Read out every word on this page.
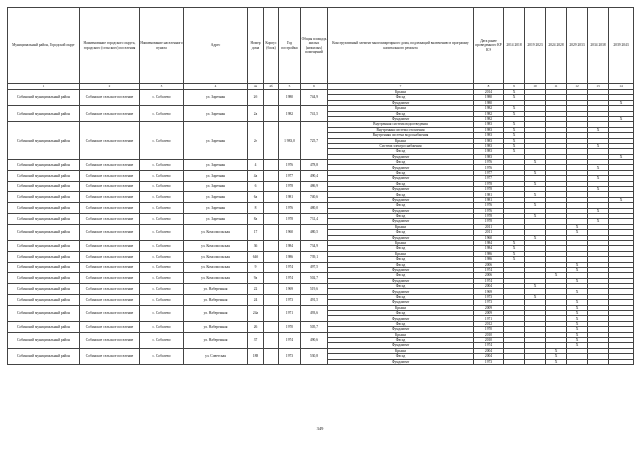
Муниципальный район, Городской округ	Наименование городского округа, городского (сельского) поселения	Наименование населенного пункта	Адрес	Номер дома	Корпус (блок)	Год постройки	Общая площадь жилых (нежилых) помещений	Конструктивный элемент многоквартирного дома, подлежащий включению в программу капитального ремонта	Дата ранее проведенного КР КЭ	2014 2018	2019 2023	2024 2028	2029 2033	2034 2038	2039 2043
1	2	3	4	4а	4б	5	6	7	8	9	10	11	12	13	14
Собинский муниципальный район	Собинское сельское поселение	с. Соболево	ул. Заречная	2б		1980	744,9	Крыша	2014	X					
								Фасад	1980	X					
								Фундамент	1980						X
Собинский муниципальный район	Собинское сельское поселение	с. Соболево	ул. Заречная	2а		1982	741,5	Крыша	1982	X					
								Фасад	1982	X					
								Фундамент	1982						X
Собинский муниципальный район	Собинское сельское поселение	с. Соболево	ул. Заречная	2г		1 983,0	725,7	Внутренняя система водоотведения	1983	X					
								Внутренняя система отопления	1983	X				X	
								Внутренняя система водоснабжения	1983	X					
								Крыша	1983	X					
								Система электроснабжения	1983	X				X	
								Фасад	1983	X					
								Фундамент	1983						X
Собинский муниципальный район	Собинское сельское поселение	с. Соболево	ул. Заречная	4		1976	478,8	Фасад	1976		X				
								Фундамент	1976					X	
Собинский муниципальный район	Собинское сельское поселение	с. Соболево	ул. Заречная	4а		1977	490,4	Фасад	1977		X				
								Фундамент	1977					X	
Собинский муниципальный район	Собинское сельское поселение	с. Соболево	ул. Заречная	6		1978	486,9	Фасад	1978		X				
								Фундамент	1978					X	
Собинский муниципальный район	Собинское сельское поселение	с. Соболево	ул. Заречная	6а		1981	740,6	Фасад	1981		X				
								Фундамент	1981						X
Собинский муниципальный район	Собинское сельское поселение	с. Соболево	ул. Заречная	8		1976	480,0	Фасад	1976		X				
								Фундамент	1976					X	
Собинский муниципальный район	Собинское сельское поселение	с. Соболево	ул. Заречная	8а		1978	731,4	Фасад	1978		X				
								Фундамент	1978					X	
Собинский муниципальный район	Собинское сельское поселение	с. Соболево	ул. Комсомольская	17		1960	480,5	Крыша	2011				X		
								Фасад	2011				X		
								Фундамент	1960		X				
Собинский муниципальный район	Собинское сельское поселение	с. Соболево	ул. Комсомольская	36		1984	734,9	Крыша	1984	X					
								Фасад	1984	X					
Собинский муниципальный район	Собинское сельское поселение	с. Соболево	ул. Комсомольская	64б		1986	739,1	Крыша	1986	X					
								Фасад	1986	X					
Собинский муниципальный район	Собинское сельское поселение	с. Соболево	ул. Комсомольская	9		1974	497,5	Фасад	2006				X		
								Фундамент	1974				X		
Собинский муниципальный район	Собинское сельское поселение	с. Соболево	ул. Комсомольская	9а		1974	502,7	Фасад	2006			X			
								Фундамент	1974				X		
Собинский муниципальный район	Собинское сельское поселение	с. Соболево	ул. Набережная	22		1969	519,6	Фасад	2004		X				
								Фундамент	1969				X		
Собинский муниципальный район	Собинское сельское поселение	с. Соболево	ул. Набережная	24		1973	491,5	Фасад	1973		X				
								Фундамент	1973				X		
Собинский муниципальный район	Собинское сельское поселение	с. Соболево	ул. Набережная	24а		1971	493,6	Крыша	2009				X		
								Фасад	2009				X		
								Фундамент	1971				X		
Собинский муниципальный район	Собинское сельское поселение	с. Соболево	ул. Набережная	26		1970	505,7	Фасад	2012				X		
								Фундамент	1970				X		
Собинский муниципальный район	Собинское сельское поселение	с. Соболево	ул. Набережная	37		1974	490,6	Крыша	2010				X		
								Фасад	2010				X		
								Фундамент	1974				X		
Собинский муниципальный район	Собинское сельское поселение	с. Соболево	ул. Советская	188		1973	530,8	Крыша	2004			X			
								Фасад	2004			X			
								Фундамент	1973			X			
349
